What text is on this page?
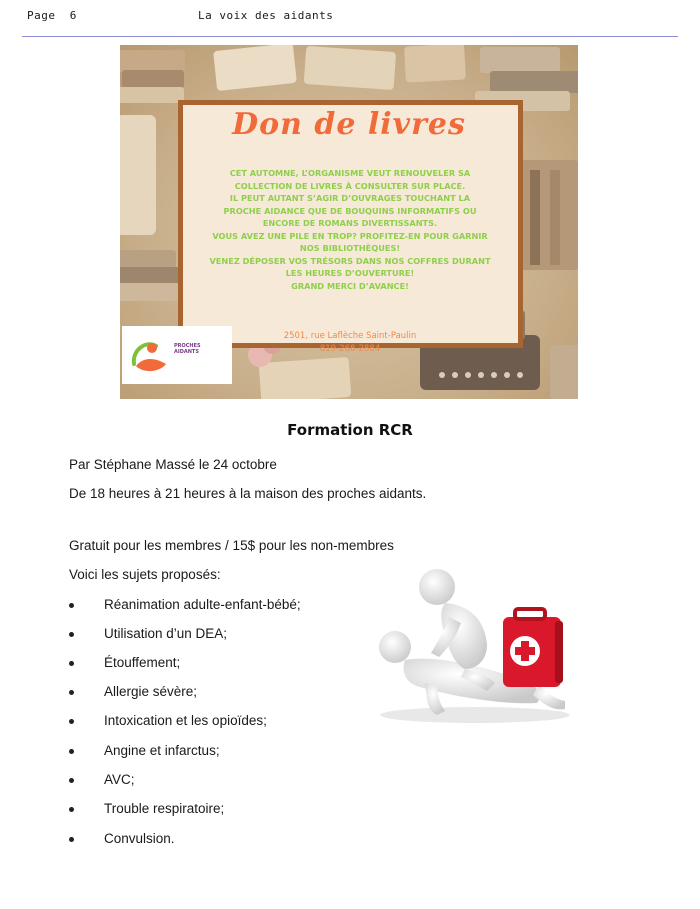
Page  6	La voix des aidants
Don de livres
CET AUTOMNE, L’ORGANISME VEUT RENOUVELER SA
COLLECTION DE LIVRES À CONSULTER SUR PLACE.
IL PEUT AUTANT S’AGIR D’OUVRAGES TOUCHANT LA
PROCHE AIDANCE QUE DE BOUQUINS INFORMATIFS OU
ENCORE DE ROMANS DIVERTISSANTS.
VOUS AVEZ UNE PILE EN TROP? PROFITEZ-EN POUR GARNIR
NOS BIBLIOTHÈQUES!
VENEZ DÉPOSER VOS TRÉSORS DANS NOS COFFRES DURANT
LES HEURES D’OUVERTURE!
GRAND MERCI D’AVANCE!
2501, rue Laflèche Saint-Paulin
819-268-2884
PROCHES
AIDANTS
Formation RCR
Par Stéphane Massé le 24 octobre
De 18 heures à 21 heures à la maison des proches aidants.
Gratuit pour les membres / 15$ pour les non-membres
Voici les sujets proposés:
Réanimation adulte-enfant-bébé;
Utilisation d’un DEA;
Étouffement;
Allergie sévère;
Intoxication et les opioïdes;
Angine et infarctus;
AVC;
Trouble respiratoire;
Convulsion.
